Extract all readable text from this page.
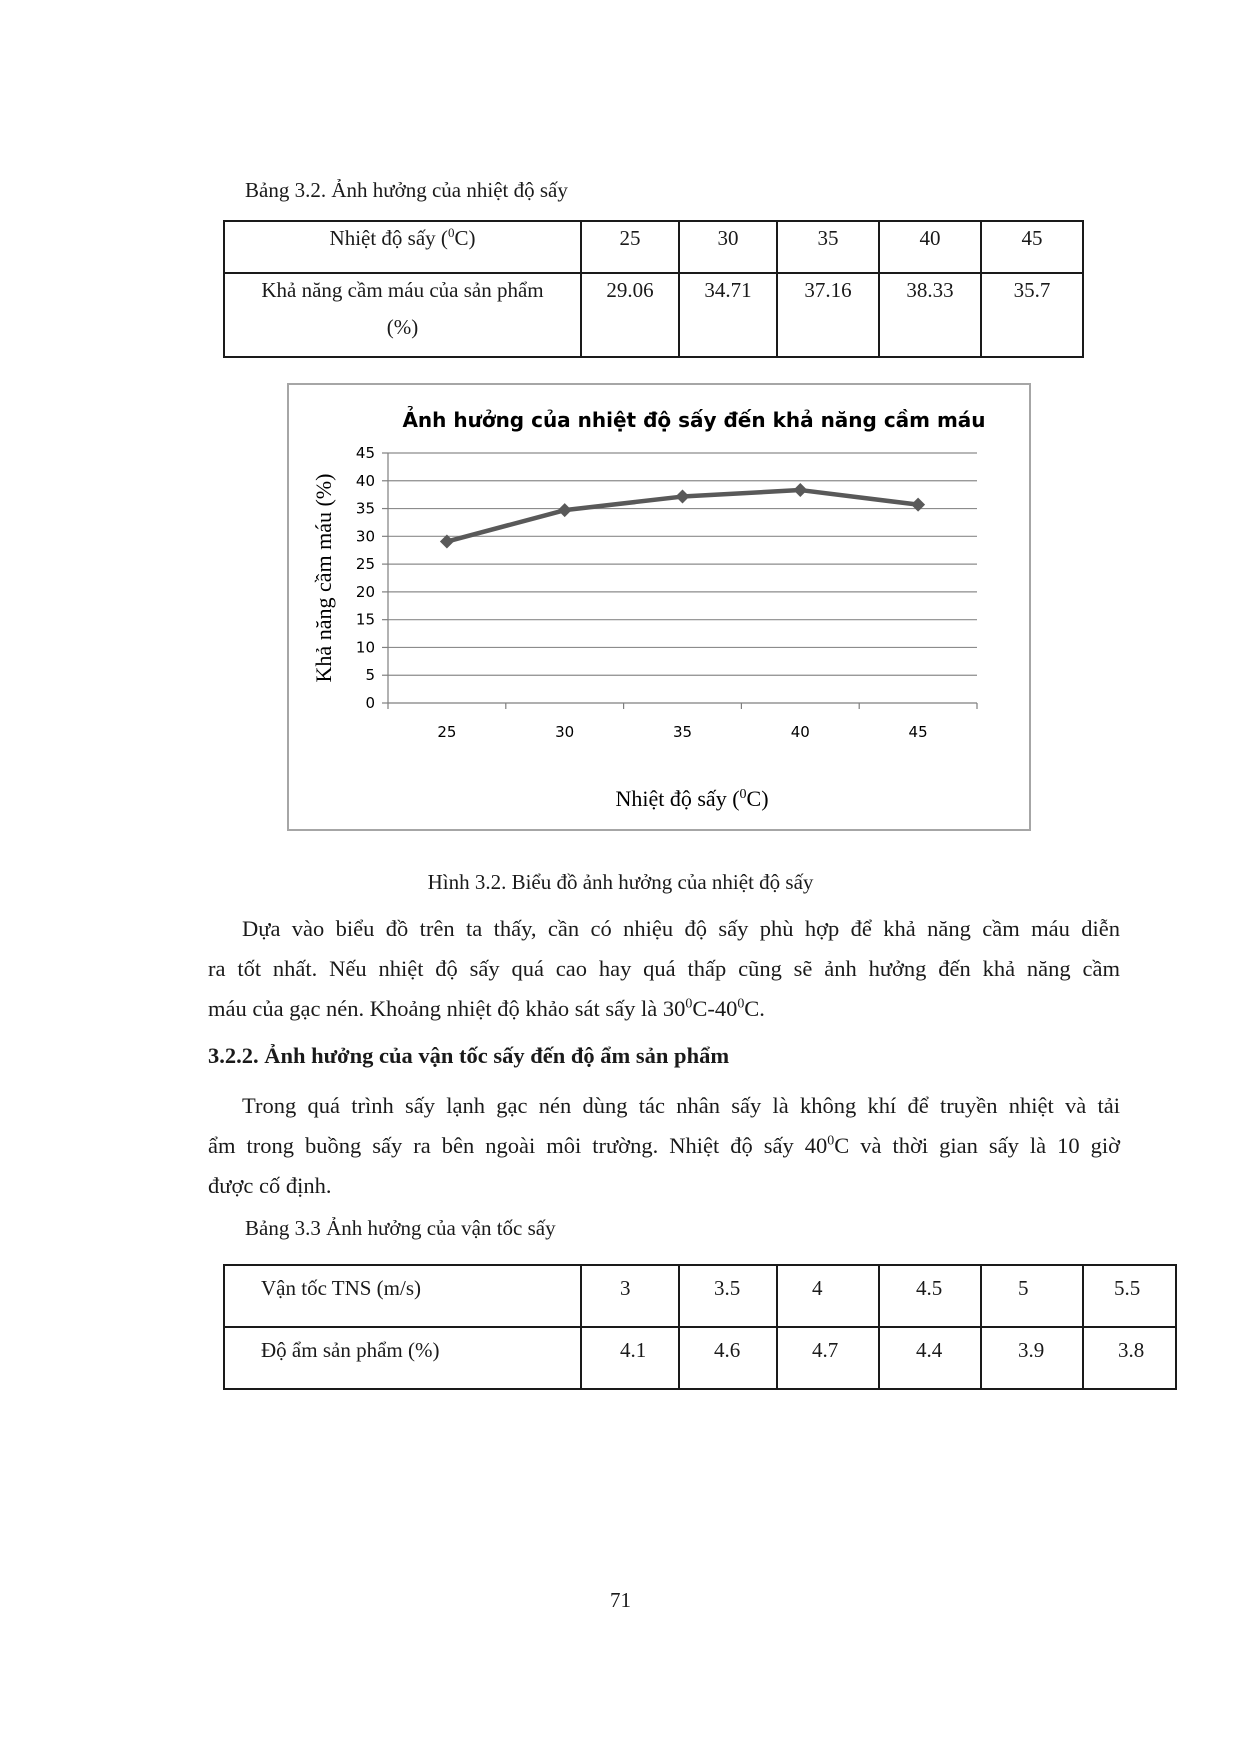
Bảng 3.2. Ảnh hưởng của nhiệt độ sấy
Nhiệt độ sấy ($^0$C)	25	30	35	40	45
Khả năng cầm máu của sản phẩm
(%)	29.06	34.71	37.16	38.33	35.7
Ảnh hưởng của nhiệt độ sấy đến khả năng cầm máu
0
5
10
15
20
25
30
35
40
45
25	30	35	40	45
Khả năng cầm máu (%)
Nhiệt độ sấy ($^0$C)
Hình 3.2. Biểu đồ ảnh hưởng của nhiệt độ sấy
Dựa vào biểu đồ trên ta thấy, cần có nhiệu độ sấy phù hợp để khả năng cầm máu diễn
ra tốt nhất. Nếu nhiệt độ sấy quá cao hay quá thấp cũng sẽ ảnh hưởng đến khả năng cầm
máu của gạc nén. Khoảng nhiệt độ khảo sát sấy là $30^0C-40^0C$.
3.2.2. Ảnh hưởng của vận tốc sấy đến độ ẩm sản phẩm
Trong quá trình sấy lạnh gạc nén dùng tác nhân sấy là không khí để truyền nhiệt và tải
ẩm trong buồng sấy ra bên ngoài môi trường. Nhiệt độ sấy $40^0C$ và thời gian sấy là 10 giờ
được cố định.
Bảng 3.3 Ảnh hưởng của vận tốc sấy
Vận tốc TNS (m/s)	3	3.5	4	4.5	5	5.5
Độ ẩm sản phẩm (%)	4.1	4.6	4.7	4.4	3.9	3.8
71
